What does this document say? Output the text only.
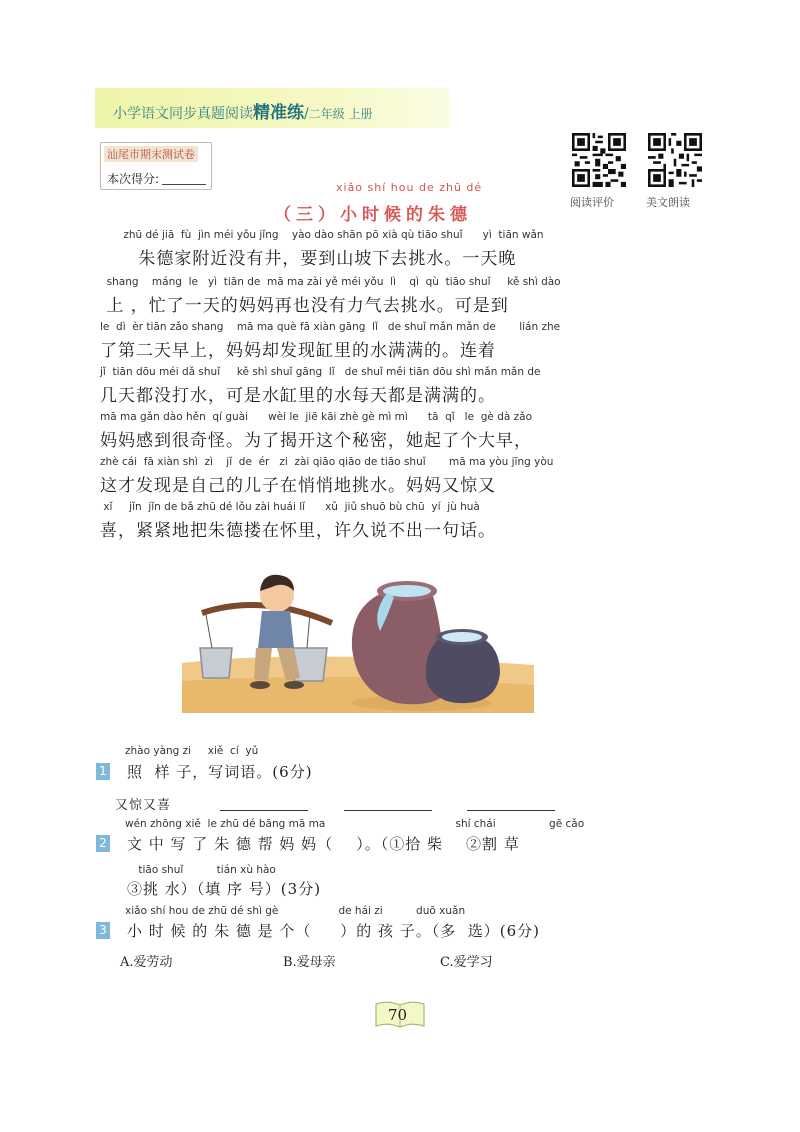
小学语文同步真题阅读精准练/二年级 上册
汕尾市期末测试卷
本次得分:
阅读评价	美文朗读
xiǎo shí hou de zhū dé
（三）小时候的朱德
zhū dé jiā  fù  jìn méi yǒu jǐng    yào dào shān pō xià qù tiāo shuǐ      yì  tiān wǎn
朱德家附近没有井，要到山坡下去挑水。一天晚
shang    máng  le   yì  tiān de  mā ma zài yě méi yǒu  lì    qì  qù  tiāo shuǐ     kě shì dào
上 ，忙了一天的妈妈再也没有力气去挑水。可是到
le  dì  èr tiān zǎo shang    mā ma què fā xiàn gāng  lǐ   de shuǐ mǎn mǎn de       lián zhe
了第二天早上，妈妈却发现缸里的水满满的。连着
jǐ  tiān dōu méi dǎ shuǐ     kě shì shuǐ gāng  lǐ   de shuǐ měi tiān dōu shì mǎn mǎn de
几天都没打水，可是水缸里的水每天都是满满的。
mā ma gǎn dào hěn  qí guài      wèi le  jiē kāi zhè gè mì mì      tā  qǐ   le  gè dà zǎo
妈妈感到很奇怪。为了揭开这个秘密，她起了个大早，
zhè cái  fā xiàn shì  zì    jǐ  de  ér   zi  zài qiāo qiāo de tiāo shuǐ       mā ma yòu jīng yòu
这才发现是自己的儿子在悄悄地挑水。妈妈又惊又
xǐ     jǐn  jǐn de bǎ zhū dé lǒu zài huái lǐ      xǔ  jiǔ shuō bù chū  yí  jù huà
喜，紧紧地把朱德搂在怀里，许久说不出一句话。
zhào yàng zi     xiě  cí  yǔ
1 照  样 子，写词语。(6分)
又惊又喜
wén zhōng xiě  le zhū dé bāng mā ma                                       shí chái                gē cǎo
2 文 中 写 了 朱 德 帮 妈 妈（    ）。（①拾 柴    ②割 草
tiāo shuǐ          tián xù hào
③挑 水）（填 序 号）(3分)
xiǎo shí hou de zhū dé shì gè                  de hái zi          duō xuǎn
3 小 时 候 的 朱 德 是 个（     ）的 孩 子。（多  选）(6分)
A.爱劳动	B.爱母亲	C.爱学习
70
